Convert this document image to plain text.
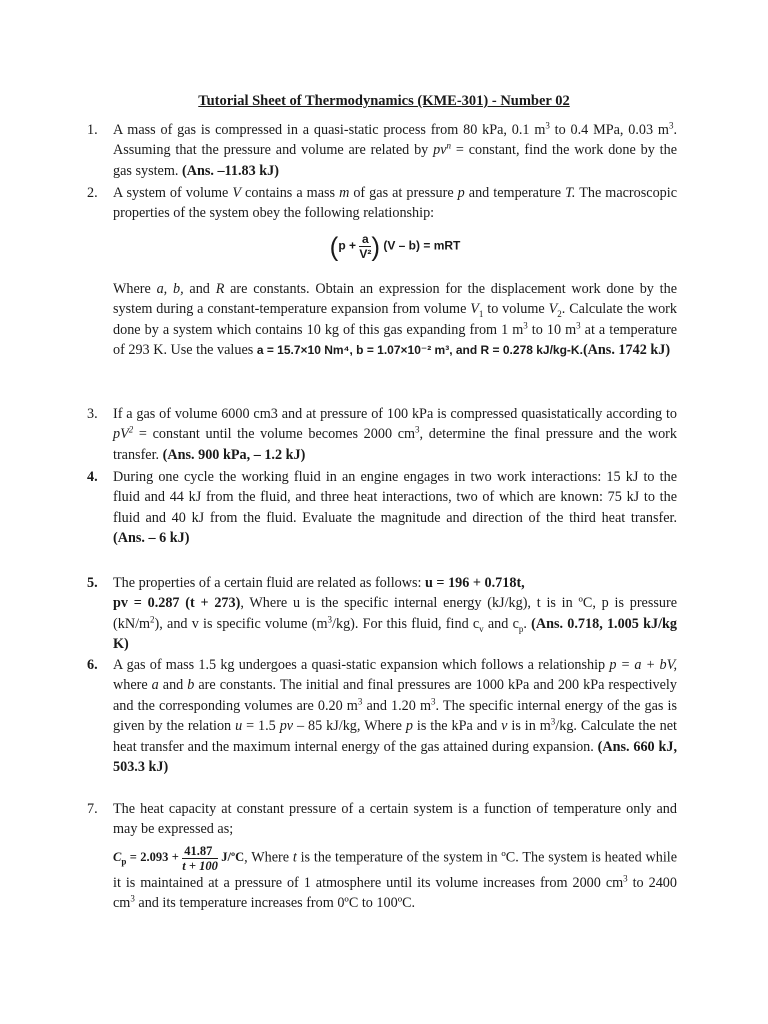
Tutorial Sheet of Thermodynamics (KME-301) - Number 02
1.	A mass of gas is compressed in a quasi-static process from 80 kPa, 0.1 $m^3$ to 0.4 MPa, 0.03 $m^3$. Assuming that the pressure and volume are related by $pv^n$ = constant, find the work done by the gas system. (Ans. –11.83 kJ)
2.	A system of volume V contains a mass m of gas at pressure p and temperature T. The macroscopic properties of the system obey the following relationship:
($p + \frac{a}{\text{V²}}$ ) (V – b) = mRT
Where a, b, and R are constants. Obtain an expression for the displacement work done by the system during a constant-temperature expansion from volume $V_1$ to volume $V_2$. Calculate the work done by a system which contains 10 kg of this gas expanding from 1 $m^3$ to 10 $m^3$ at a temperature of 293 K. Use the values a = 15.7×10 Nm⁴, b = 1.07×10⁻² m³, and R = 0.278 kJ/kg-K.(Ans. 1742 kJ)
3.	If a gas of volume 6000 cm3 and at pressure of 100 kPa is compressed quasistatically according to $pV^2$ = constant until the volume becomes 2000 $cm^3$, determine the final pressure and the work transfer. (Ans. 900 kPa, – 1.2 kJ)
4.	During one cycle the working fluid in an engine engages in two work interactions: 15 kJ to the fluid and 44 kJ from the fluid, and three heat interactions, two of which are known: 75 kJ to the fluid and 40 kJ from the fluid. Evaluate the magnitude and direction of the third heat transfer. (Ans. – 6 kJ)
5.	The properties of a certain fluid are related as follows: u = 196 + 0.718t,
pv = 0.287 (t + 273), Where u is the specific internal energy (kJ/kg), t is in ºC, p is pressure $(kN/m^2)$, and v is specific volume $(m^3/kg)$. For this fluid, find $c_v$ and $c_p$. (Ans. 0.718, 1.005 kJ/kg K)
6.	A gas of mass 1.5 kg undergoes a quasi-static expansion which follows a relationship p = a + bV, where a and b are constants. The initial and final pressures are 1000 kPa and 200 kPa respectively and the corresponding volumes are 0.20 $m^3$ and 1.20 $m^3$. The specific internal energy of the gas is given by the relation u = 1.5 pv – 85 kJ/kg, Where p is the kPa and v is in $m^3/kg$. Calculate the net heat transfer and the maximum internal energy of the gas attained during expansion. (Ans. 660 kJ, 503.3 kJ)
7.	The heat capacity at constant pressure of a certain system is a function of temperature only and may be expressed as;
$C_p = 2.093 + \frac{41.87}{t + 100}$ J/ºC, Where t is the temperature of the system in ºC. The system is heated while it is maintained at a pressure of 1 atmosphere until its volume increases from 2000 $cm^3$ to 2400 $cm^3$ and its temperature increases from 0ºC to 100ºC.
